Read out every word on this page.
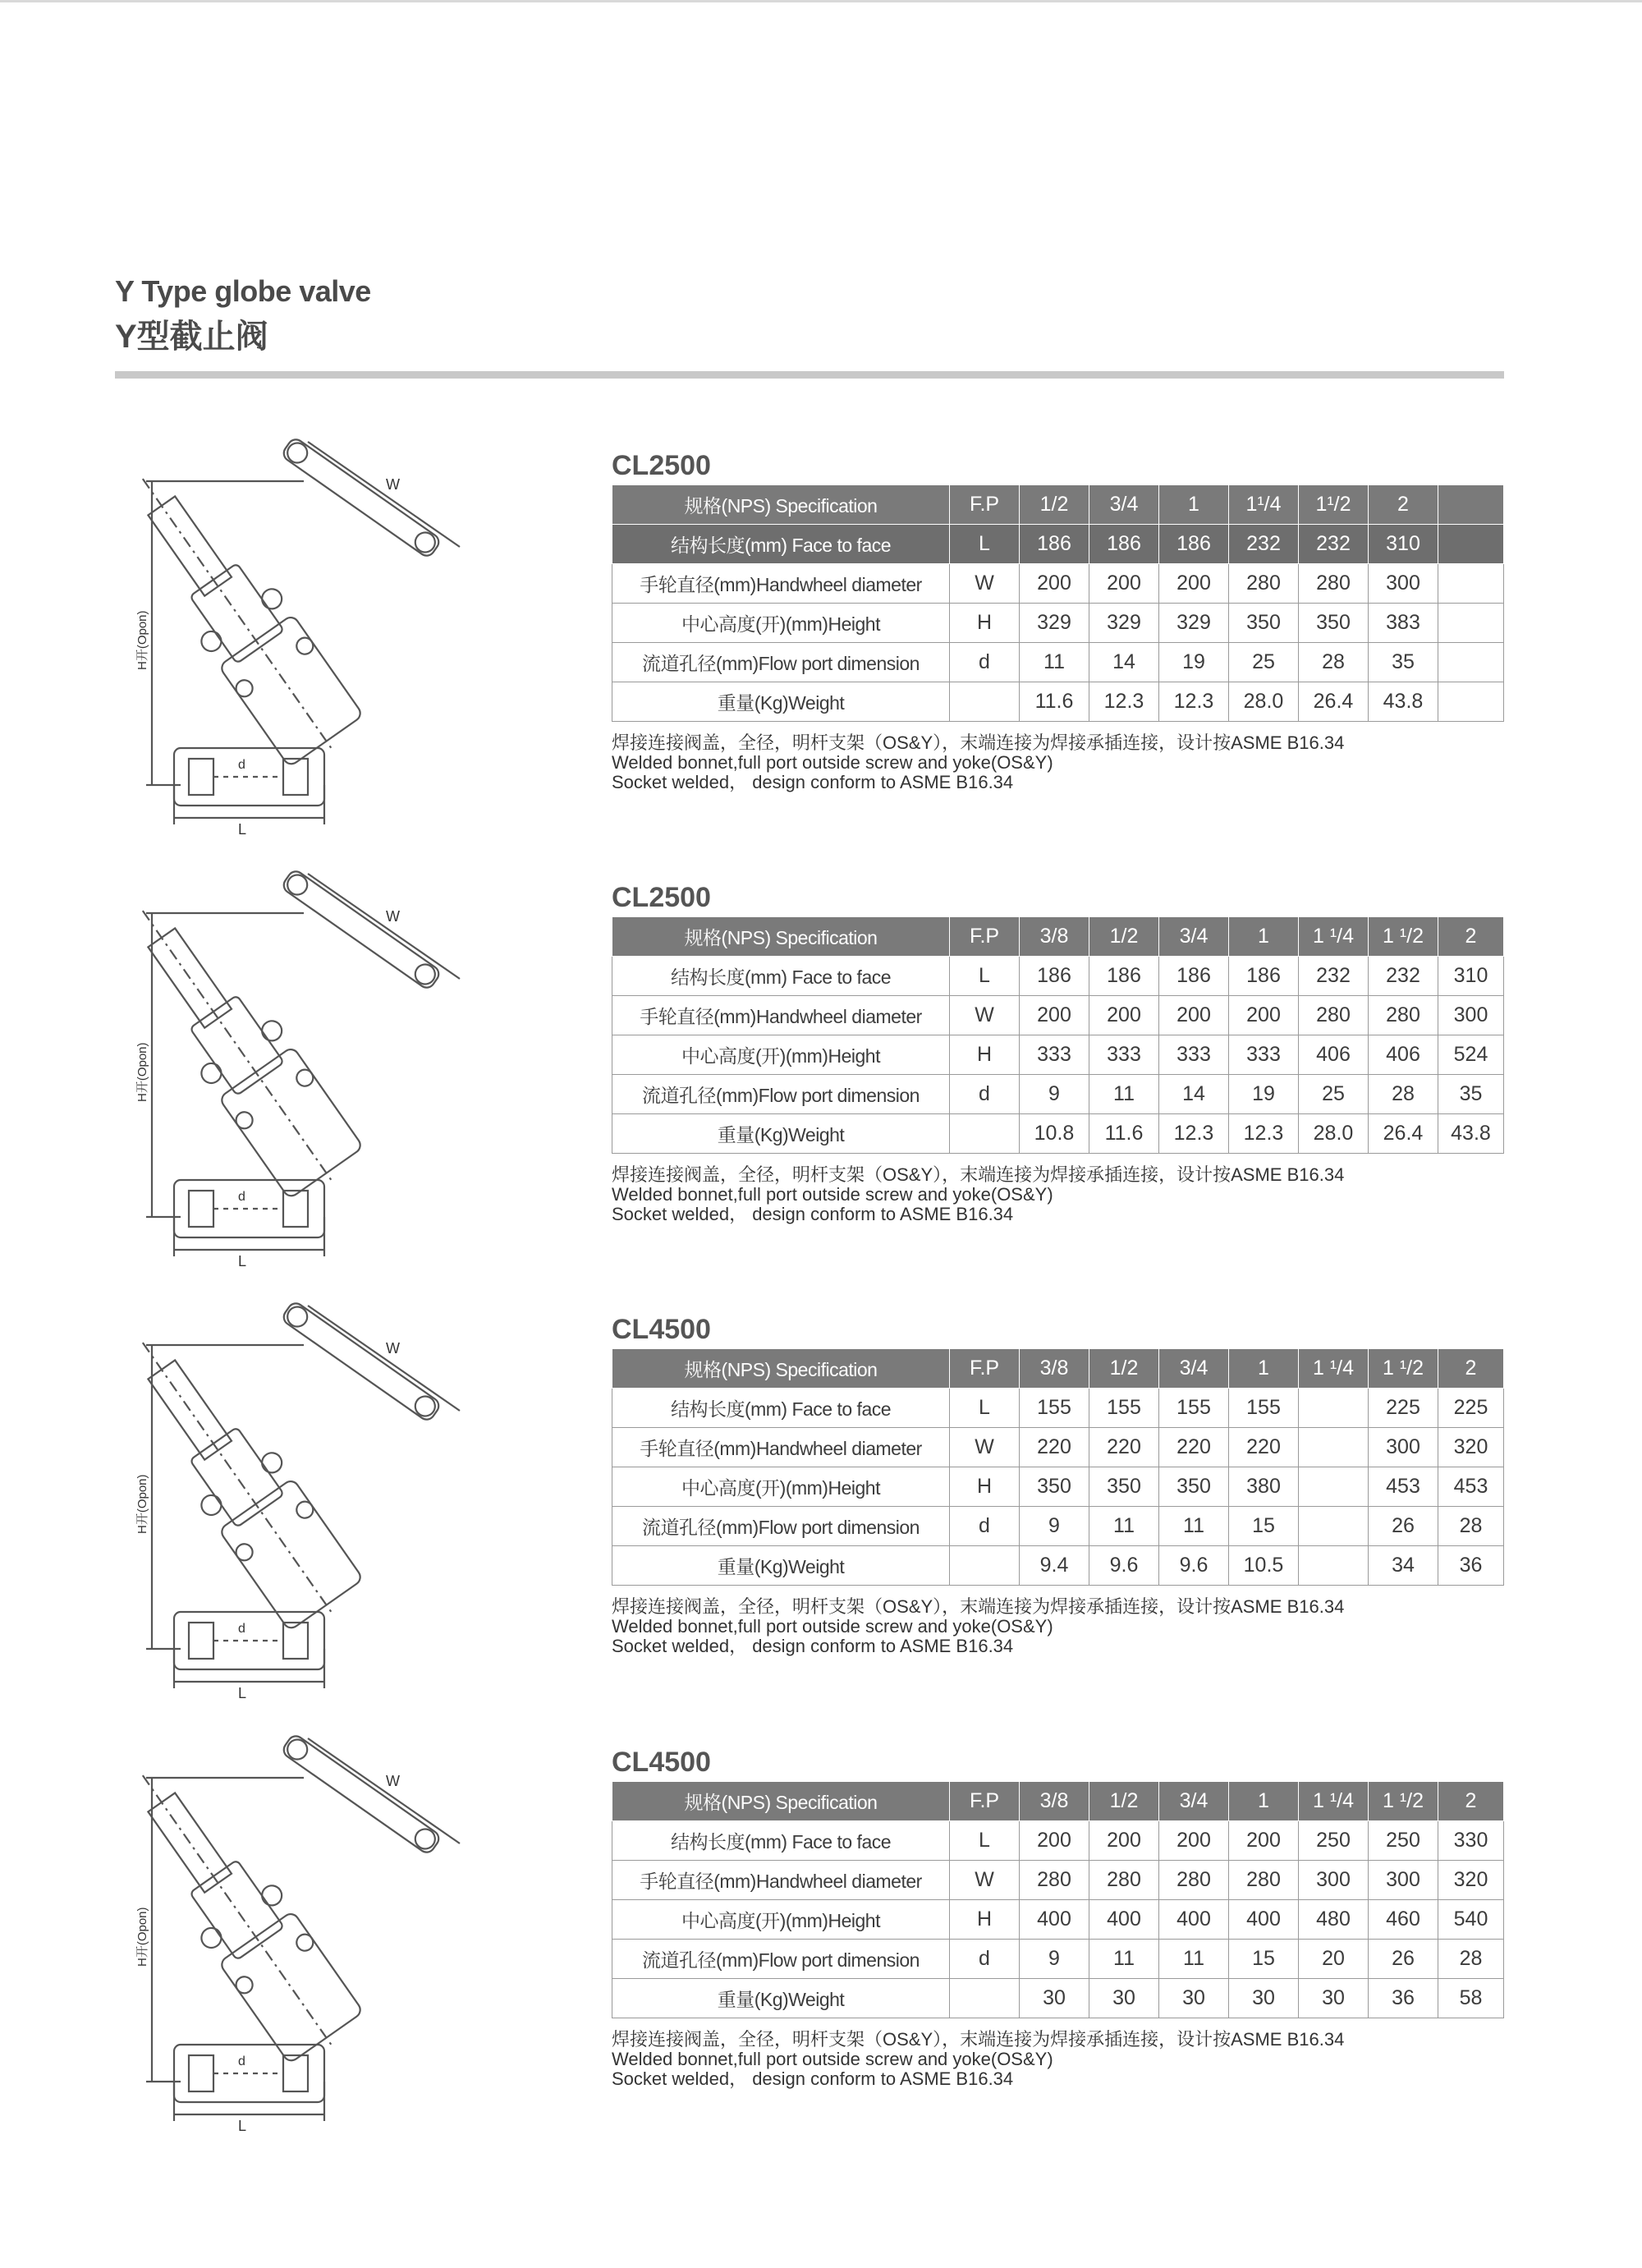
Y Type globe valve
Y型截止阀
W
L
d
H开(Opon)
CL2500
规格(NPS) Specification	F.P	1/2	3/4	1	1¹/4	1¹/2	2	
结构长度(mm) Face to face	L	186	186	186	232	232	310	
手轮直径(mm)Handwheel diameter	W	200	200	200	280	280	300	
中心高度(开)(mm)Height	H	329	329	329	350	350	383	
流道孔径(mm)Flow port dimension	d	11	14	19	25	28	35	
重量(Kg)Weight		11.6	12.3	12.3	28.0	26.4	43.8	
焊接连接阀盖，全径，明杆支架（OS&Y），末端连接为焊接承插连接，设计按ASME B16.34
Welded bonnet,full port outside screw and yoke(OS&Y)
Socket welded， design conform to ASME B16.34
W
L
d
H开(Opon)
CL2500
规格(NPS) Specification	F.P	3/8	1/2	3/4	1	1 ¹/4	1 ¹/2	2
结构长度(mm) Face to face	L	186	186	186	186	232	232	310
手轮直径(mm)Handwheel diameter	W	200	200	200	200	280	280	300
中心高度(开)(mm)Height	H	333	333	333	333	406	406	524
流道孔径(mm)Flow port dimension	d	9	11	14	19	25	28	35
重量(Kg)Weight		10.8	11.6	12.3	12.3	28.0	26.4	43.8
焊接连接阀盖，全径，明杆支架（OS&Y），末端连接为焊接承插连接，设计按ASME B16.34
Welded bonnet,full port outside screw and yoke(OS&Y)
Socket welded， design conform to ASME B16.34
W
L
d
H开(Opon)
CL4500
规格(NPS) Specification	F.P	3/8	1/2	3/4	1	1 ¹/4	1 ¹/2	2
结构长度(mm) Face to face	L	155	155	155	155		225	225
手轮直径(mm)Handwheel diameter	W	220	220	220	220		300	320
中心高度(开)(mm)Height	H	350	350	350	380		453	453
流道孔径(mm)Flow port dimension	d	9	11	11	15		26	28
重量(Kg)Weight		9.4	9.6	9.6	10.5		34	36
焊接连接阀盖，全径，明杆支架（OS&Y），末端连接为焊接承插连接，设计按ASME B16.34
Welded bonnet,full port outside screw and yoke(OS&Y)
Socket welded， design conform to ASME B16.34
W
L
d
H开(Opon)
CL4500
规格(NPS) Specification	F.P	3/8	1/2	3/4	1	1 ¹/4	1 ¹/2	2
结构长度(mm) Face to face	L	200	200	200	200	250	250	330
手轮直径(mm)Handwheel diameter	W	280	280	280	280	300	300	320
中心高度(开)(mm)Height	H	400	400	400	400	480	460	540
流道孔径(mm)Flow port dimension	d	9	11	11	15	20	26	28
重量(Kg)Weight		30	30	30	30	30	36	58
焊接连接阀盖，全径，明杆支架（OS&Y），末端连接为焊接承插连接，设计按ASME B16.34
Welded bonnet,full port outside screw and yoke(OS&Y)
Socket welded， design conform to ASME B16.34
